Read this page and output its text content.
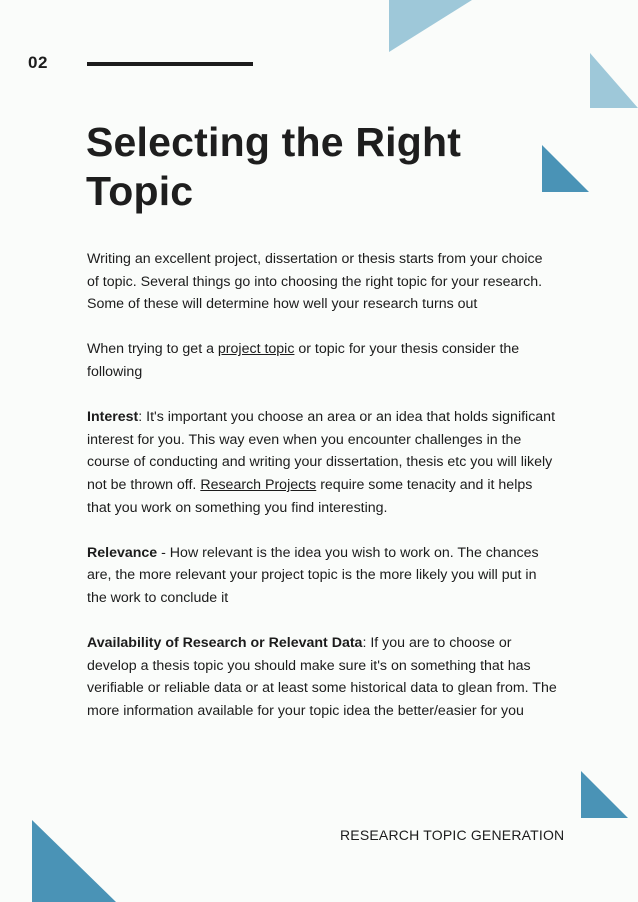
02
Selecting the Right Topic

Writing an excellent project, dissertation or thesis starts from your choice of topic. Several things go into choosing the right topic for your research. Some of these will determine how well your research turns out

When trying to get a project topic or topic for your thesis consider the following

Interest: It's important you choose an area or an idea that holds significant interest for you. This way even when you encounter challenges in the course of conducting and writing your dissertation, thesis etc you will likely not be thrown off. Research Projects require some tenacity and it helps that you work on something you find interesting.

Relevance - How relevant is the idea you wish to work on. The chances are, the more relevant your project topic is the more likely you will put in the work to conclude it

Availability of Research or Relevant Data: If you are to choose or develop a thesis topic you should make sure it's on something that has verifiable or reliable data or at least some historical data to glean from. The more information available for your topic idea the better/easier for you

RESEARCH TOPIC GENERATION
